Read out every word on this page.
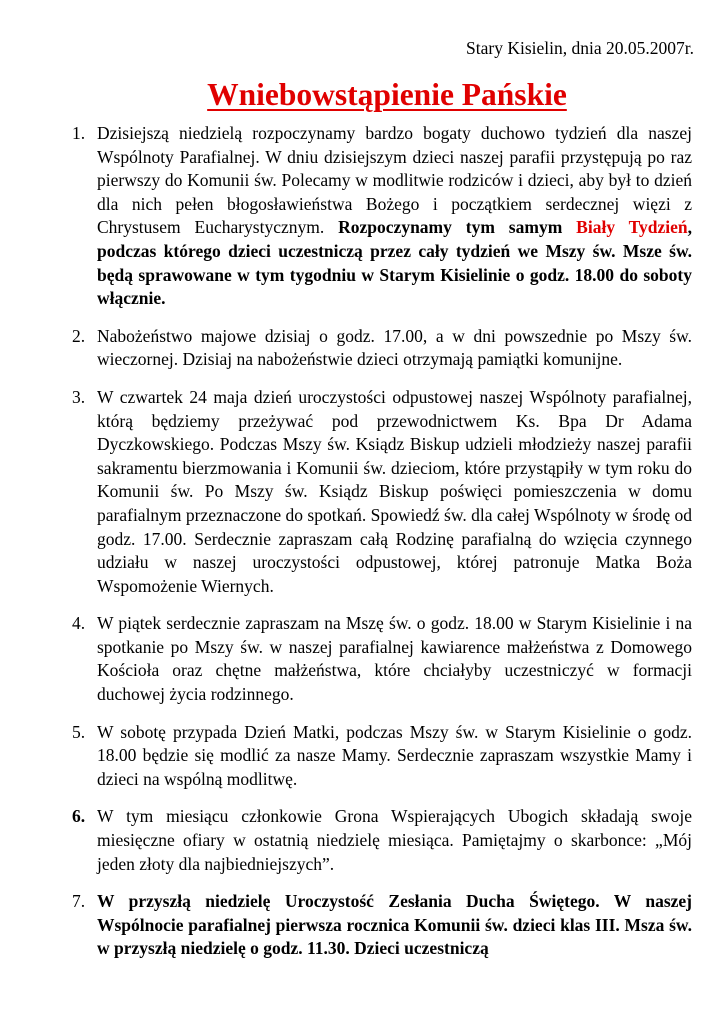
Stary Kisielin, dnia 20.05.2007r.
Wniebowstąpienie Pańskie
1. Dzisiejszą niedzielą rozpoczynamy bardzo bogaty duchowo tydzień dla naszej Wspólnoty Parafialnej. W dniu dzisiejszym dzieci naszej parafii przystępują po raz pierwszy do Komunii św. Polecamy w modlitwie rodziców i dzieci, aby był to dzień dla nich pełen błogosławieństwa Bożego i początkiem serdecznej więzi z Chrystusem Eucharystycznym. Rozpoczynamy tym samym Biały Tydzień, podczas którego dzieci uczestniczą przez cały tydzień we Mszy św. Msze św. będą sprawowane w tym tygodniu w Starym Kisielinie o godz. 18.00 do soboty włącznie.
2. Nabożeństwo majowe dzisiaj o godz. 17.00, a w dni powszednie po Mszy św. wieczornej. Dzisiaj na nabożeństwie dzieci otrzymają pamiątki komunijne.
3. W czwartek 24 maja dzień uroczystości odpustowej naszej Wspólnoty parafialnej, którą będziemy przeżywać pod przewodnictwem Ks. Bpa Dr Adama Dyczkowskiego. Podczas Mszy św. Ksiądz Biskup udzieli młodzieży naszej parafii sakramentu bierzmowania i Komunii św. dzieciom, które przystąpiły w tym roku do Komunii św. Po Mszy św. Ksiądz Biskup poświęci pomieszczenia w domu parafialnym przeznaczone do spotkań. Spowiedź św. dla całej Wspólnoty w środę od godz. 17.00. Serdecznie zapraszam całą Rodzinę parafialną do wzięcia czynnego udziału w naszej uroczystości odpustowej, której patronuje Matka Boża Wspomożenie Wiernych.
4. W piątek serdecznie zapraszam na Mszę św. o godz. 18.00 w Starym Kisielinie i na spotkanie po Mszy św. w naszej parafialnej kawiarence małżeństwa z Domowego Kościoła oraz chętne małżeństwa, które chciałyby uczestniczyć w formacji duchowej życia rodzinnego.
5. W sobotę przypada Dzień Matki, podczas Mszy św. w Starym Kisielinie o godz. 18.00 będzie się modlić za nasze Mamy. Serdecznie zapraszam wszystkie Mamy i dzieci na wspólną modlitwę.
6. W tym miesiącu członkowie Grona Wspierających Ubogich składają swoje miesięczne ofiary w ostatnią niedzielę miesiąca. Pamiętajmy o skarbonce: „Mój jeden złoty dla najbiedniejszych”.
7. W przyszłą niedzielę Uroczystość Zesłania Ducha Świętego. W naszej Wspólnocie parafialnej pierwsza rocznica Komunii św. dzieci klas III. Msza św. w przyszłą niedzielę o godz. 11.30. Dzieci uczestniczą
